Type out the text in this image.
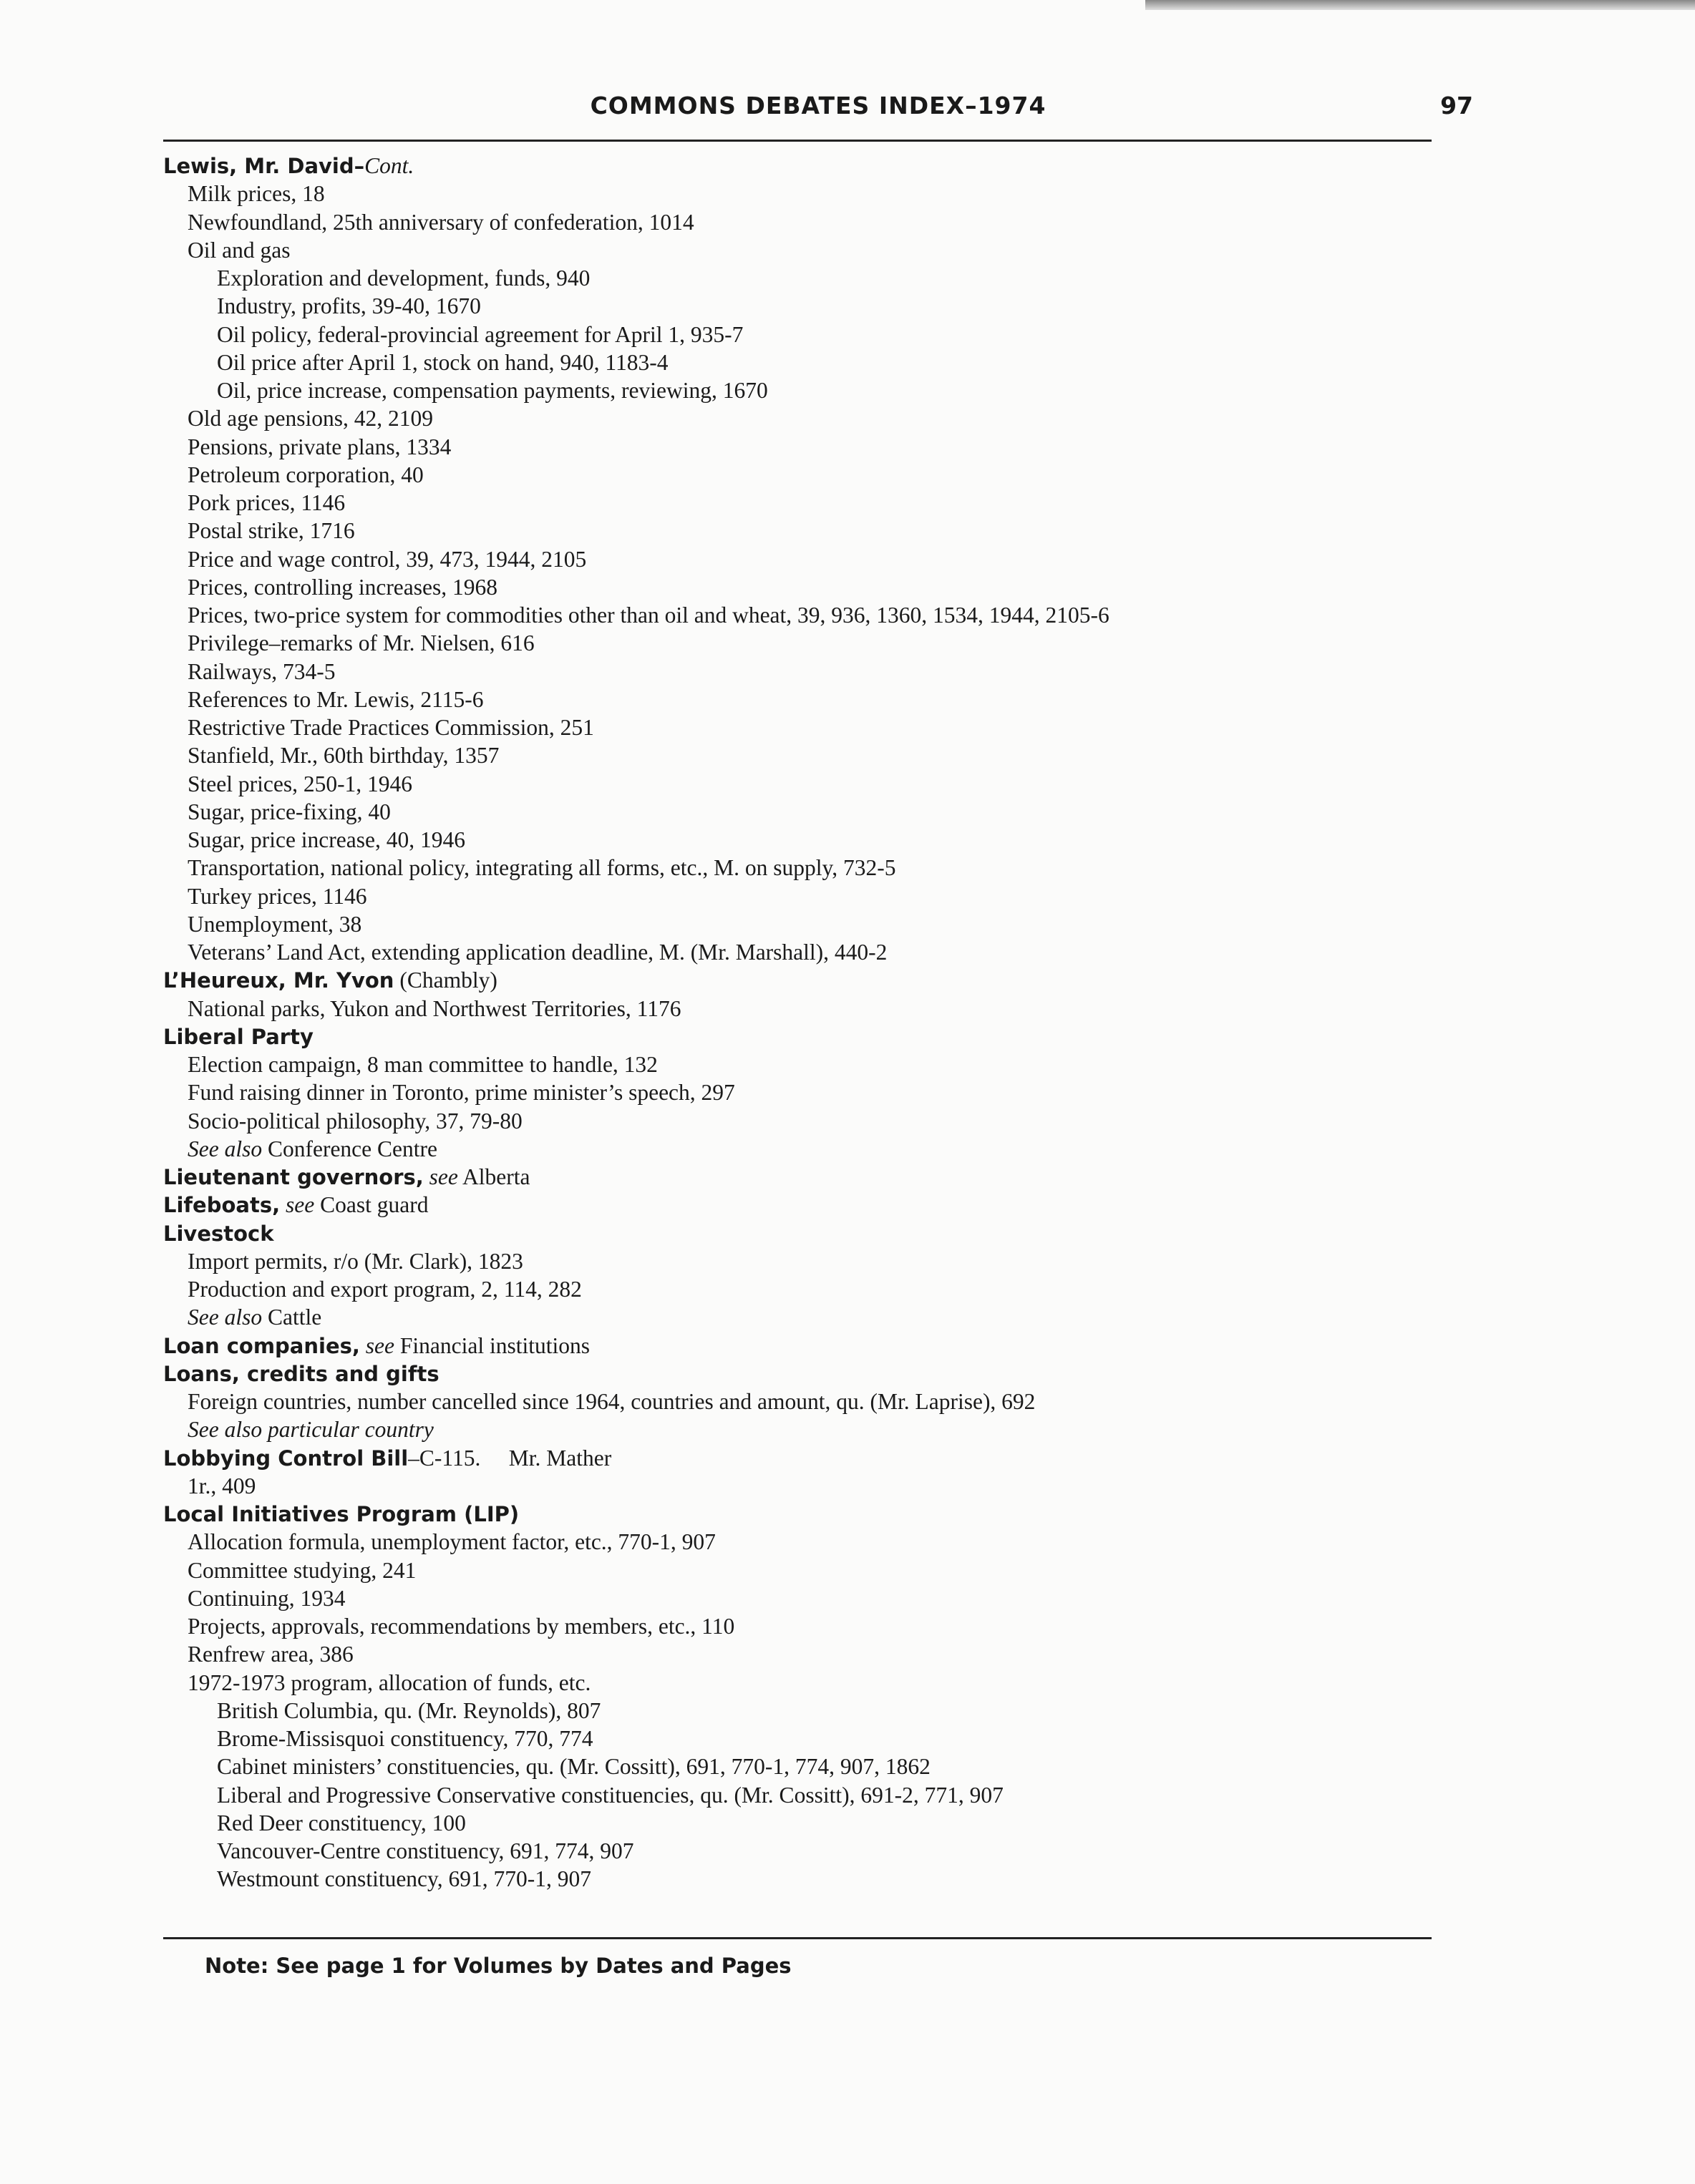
COMMONS DEBATES INDEX–1974	97
Lewis, Mr. David–Cont.
Milk prices, 18
Newfoundland, 25th anniversary of confederation, 1014
Oil and gas
Exploration and development, funds, 940
Industry, profits, 39-40, 1670
Oil policy, federal-provincial agreement for April 1, 935-7
Oil price after April 1, stock on hand, 940, 1183-4
Oil, price increase, compensation payments, reviewing, 1670
Old age pensions, 42, 2109
Pensions, private plans, 1334
Petroleum corporation, 40
Pork prices, 1146
Postal strike, 1716
Price and wage control, 39, 473, 1944, 2105
Prices, controlling increases, 1968
Prices, two-price system for commodities other than oil and wheat, 39, 936, 1360, 1534, 1944, 2105-6
Privilege–remarks of Mr. Nielsen, 616
Railways, 734-5
References to Mr. Lewis, 2115-6
Restrictive Trade Practices Commission, 251
Stanfield, Mr., 60th birthday, 1357
Steel prices, 250-1, 1946
Sugar, price-fixing, 40
Sugar, price increase, 40, 1946
Transportation, national policy, integrating all forms, etc., M. on supply, 732-5
Turkey prices, 1146
Unemployment, 38
Veterans’ Land Act, extending application deadline, M. (Mr. Marshall), 440-2
L’Heureux, Mr. Yvon (Chambly)
National parks, Yukon and Northwest Territories, 1176
Liberal Party
Election campaign, 8 man committee to handle, 132
Fund raising dinner in Toronto, prime minister’s speech, 297
Socio-political philosophy, 37, 79-80
See also Conference Centre
Lieutenant governors, see Alberta
Lifeboats, see Coast guard
Livestock
Import permits, r/o (Mr. Clark), 1823
Production and export program, 2, 114, 282
See also Cattle
Loan companies, see Financial institutions
Loans, credits and gifts
Foreign countries, number cancelled since 1964, countries and amount, qu. (Mr. Laprise), 692
See also particular country
Lobbying Control Bill–C-115.     Mr. Mather
1r., 409
Local Initiatives Program (LIP)
Allocation formula, unemployment factor, etc., 770-1, 907
Committee studying, 241
Continuing, 1934
Projects, approvals, recommendations by members, etc., 110
Renfrew area, 386
1972-1973 program, allocation of funds, etc.
British Columbia, qu. (Mr. Reynolds), 807
Brome-Missisquoi constituency, 770, 774
Cabinet ministers’ constituencies, qu. (Mr. Cossitt), 691, 770-1, 774, 907, 1862
Liberal and Progressive Conservative constituencies, qu. (Mr. Cossitt), 691-2, 771, 907
Red Deer constituency, 100
Vancouver-Centre constituency, 691, 774, 907
Westmount constituency, 691, 770-1, 907
Note: See page 1 for Volumes by Dates and Pages
